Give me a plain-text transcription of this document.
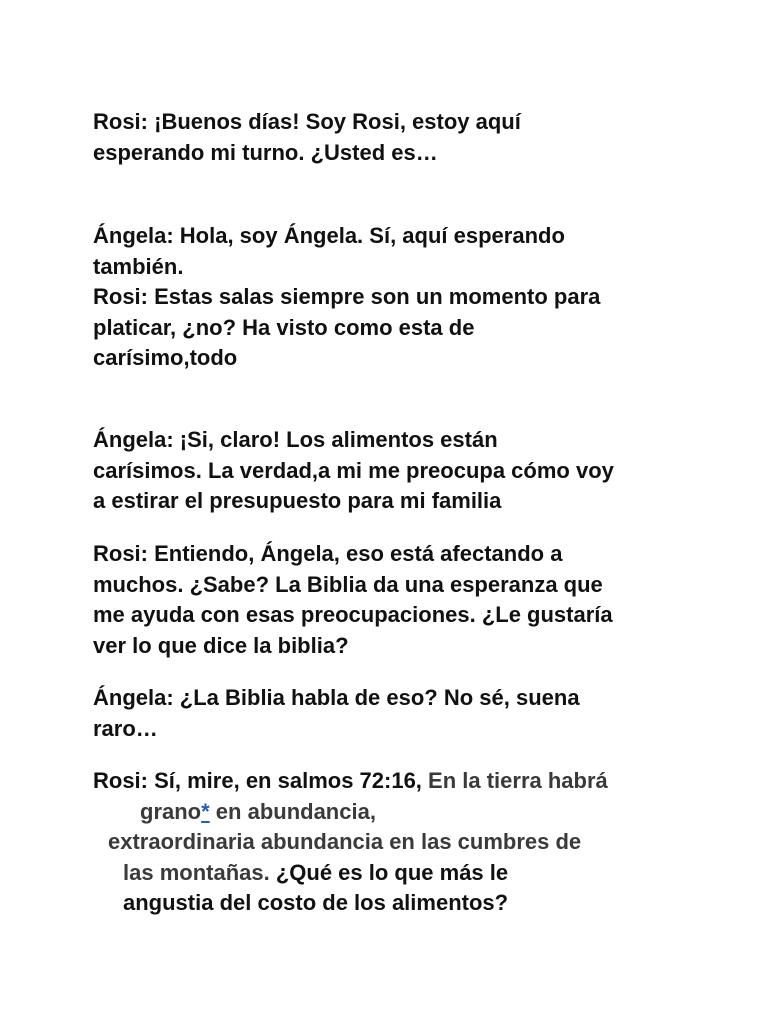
Rosi: ¡Buenos días! Soy Rosi, estoy aquí
esperando mi turno. ¿Usted es…
Ángela: Hola, soy Ángela. Sí, aquí esperando
también.
Rosi: Estas salas siempre son un momento para
platicar, ¿no? Ha visto como esta de
carísimo,todo
Ángela: ¡Si, claro! Los alimentos están
carísimos. La verdad,a mi me preocupa cómo voy
a estirar el presupuesto para mi familia
Rosi: Entiendo, Ángela, eso está afectando a
muchos. ¿Sabe? La Biblia da una esperanza que
me ayuda con esas preocupaciones. ¿Le gustaría
ver lo que dice la biblia?
Ángela: ¿La Biblia habla de eso? No sé, suena
raro…
Rosi: Sí, mire, en salmos 72:16, En la tierra habrá
grano* en abundancia,
extraordinaria abundancia en las cumbres de
las montañas. ¿Qué es lo que más le
angustia del costo de los alimentos?
